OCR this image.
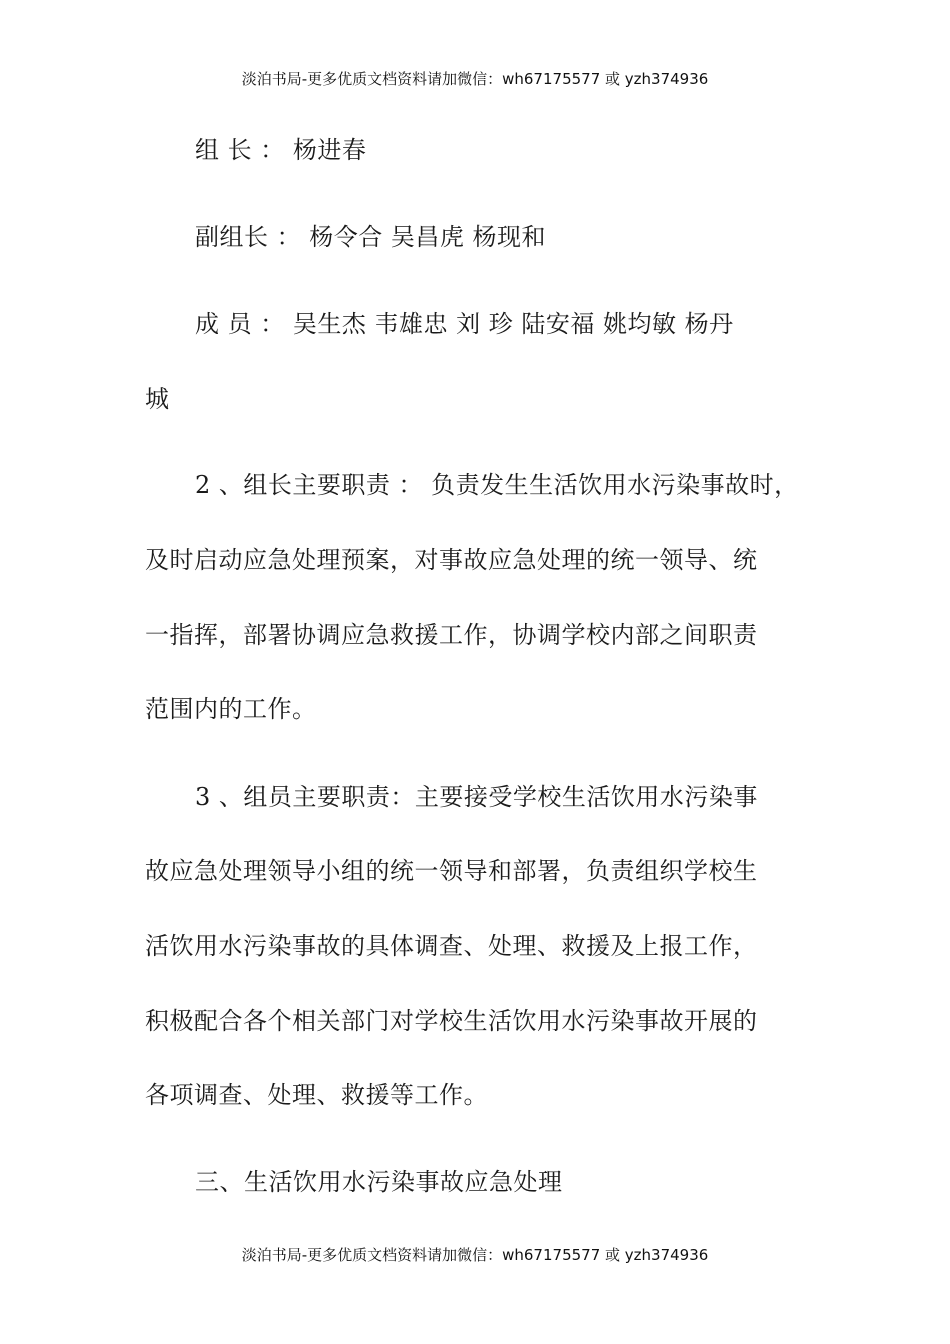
淡泊书局-更多优质文档资料请加微信：wh67175577 或 yzh374936
组 长 ： 杨进春
副组长 ： 杨令合 吴昌虎 杨现和
成 员 ： 吴生杰 韦雄忠 刘 珍 陆安福 姚均敏 杨丹
城
2 、组长主要职责 ： 负责发生生活饮用水污染事故时，
及时启动应急处理预案，对事故应急处理的统一领导、统
一指挥，部署协调应急救援工作，协调学校内部之间职责
范围内的工作。
3 、组员主要职责：主要接受学校生活饮用水污染事
故应急处理领导小组的统一领导和部署，负责组织学校生
活饮用水污染事故的具体调查、处理、救援及上报工作，
积极配合各个相关部门对学校生活饮用水污染事故开展的
各项调查、处理、救援等工作。
三、生活饮用水污染事故应急处理
淡泊书局-更多优质文档资料请加微信：wh67175577 或 yzh374936
